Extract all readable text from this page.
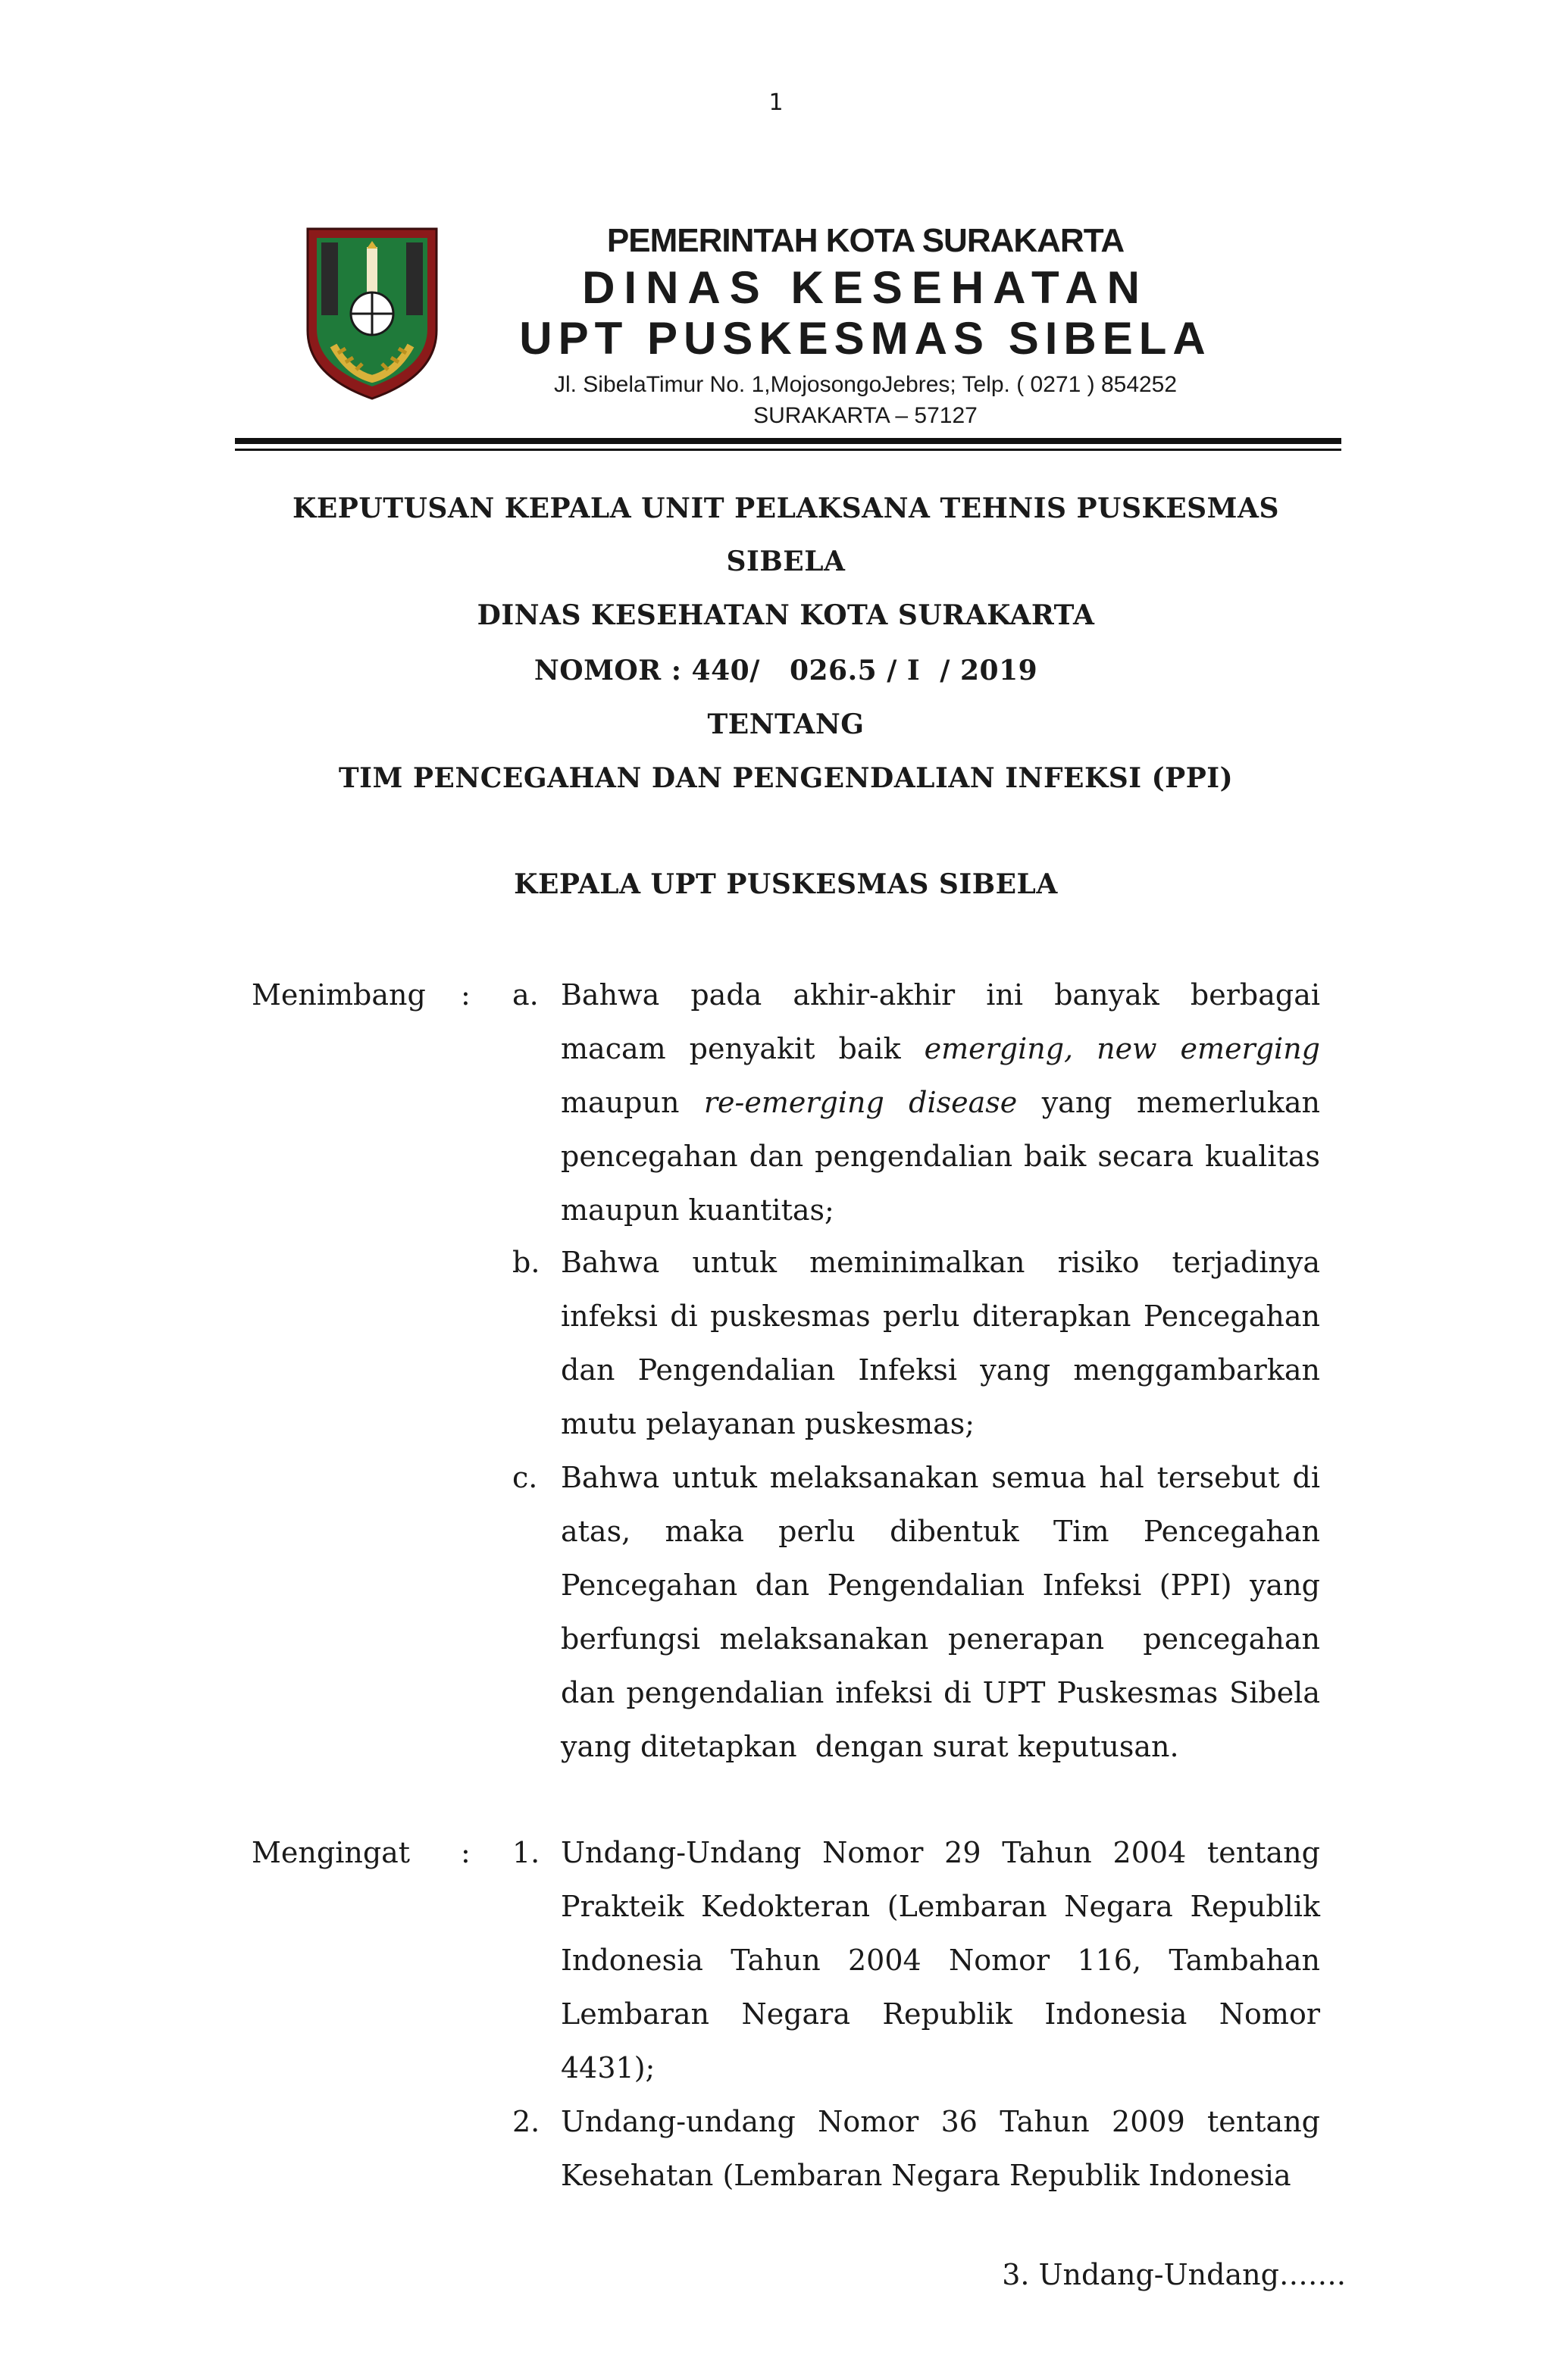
1
PEMERINTAH KOTA SURAKARTA
DINAS KESEHATAN
UPT PUSKESMAS SIBELA
Jl. SibelaTimur No. 1,MojosongoJebres; Telp. ( 0271 ) 854252
SURAKARTA – 57127
KEPUTUSAN KEPALA UNIT PELAKSANA TEHNIS PUSKESMAS
SIBELA
DINAS KESEHATAN KOTA SURAKARTA
NOMOR : 440/   026.5 / I  / 2019
TENTANG
TIM PENCEGAHAN DAN PENGENDALIAN INFEKSI (PPI)
KEPALA UPT PUSKESMAS SIBELA
Menimbang : a. Bahwa pada akhir-akhir ini banyak berbagai macam penyakit baik emerging, new emerging maupun re-emerging disease yang memerlukan pencegahan dan pengendalian baik secara kualitas maupun kuantitas;
b. Bahwa untuk meminimalkan risiko terjadinya infeksi di puskesmas perlu diterapkan Pencegahan dan Pengendalian Infeksi yang menggambarkan mutu pelayanan puskesmas;
c. Bahwa untuk melaksanakan semua hal tersebut di atas, maka perlu dibentuk Tim Pencegahan Pencegahan dan Pengendalian Infeksi (PPI) yang berfungsi melaksanakan penerapan  pencegahan dan pengendalian infeksi di UPT Puskesmas Sibela yang ditetapkan  dengan surat keputusan.
Mengingat : 1. Undang-Undang Nomor 29 Tahun 2004 tentang Prakteik Kedokteran (Lembaran Negara Republik Indonesia Tahun 2004 Nomor 116, Tambahan Lembaran Negara Republik Indonesia Nomor 4431);
2. Undang-undang Nomor 36 Tahun 2009 tentang Kesehatan (Lembaran Negara Republik Indonesia
3. Undang-Undang…….
